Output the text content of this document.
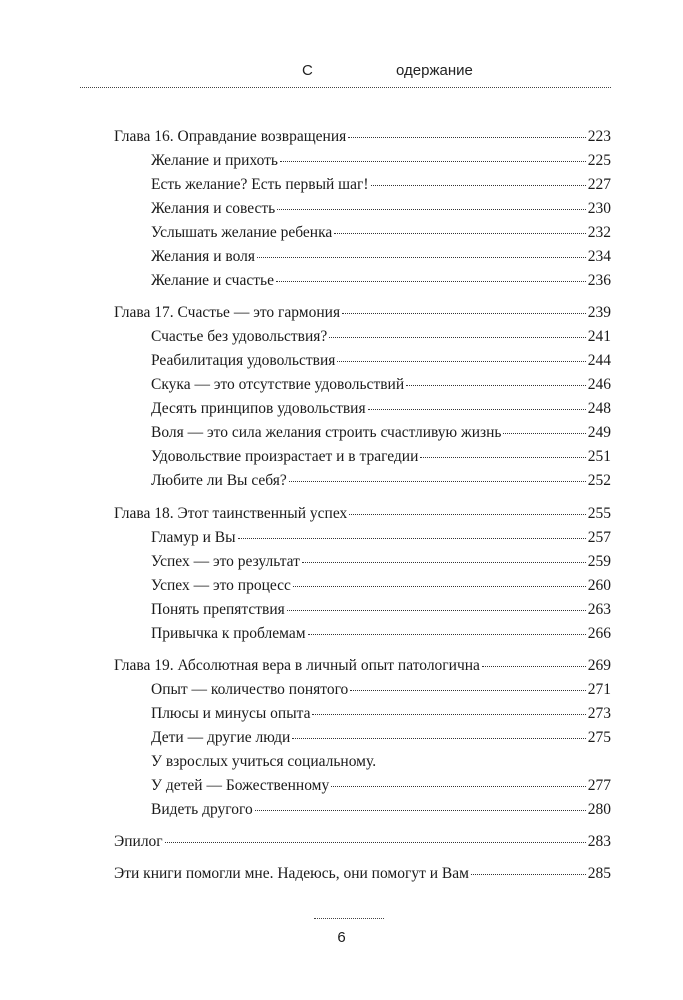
С	одержание
Глава 16. Оправдание возвращения	223
Желание и прихоть	225
Есть желание? Есть первый шаг!	227
Желания и совесть	230
Услышать желание ребенка	232
Желания и воля	234
Желание и счастье	236
Глава 17. Счастье — это гармония	239
Счастье без удовольствия?	241
Реабилитация удовольствия	244
Скука — это отсутствие удовольствий	246
Десять принципов удовольствия	248
Воля — это сила желания строить счастливую жизнь	249
Удовольствие произрастает и в трагедии	251
Любите ли Вы себя?	252
Глава 18. Этот таинственный успех	255
Гламур и Вы	257
Успех — это результат	259
Успех — это процесс	260
Понять препятствия	263
Привычка к проблемам	266
Глава 19. Абсолютная вера в личный опыт патологична	269
Опыт — количество понятого	271
Плюсы и минусы опыта	273
Дети — другие люди	275
У взрослых учиться социальному.
У детей — Божественному	277
Видеть другого	280
Эпилог	283
Эти книги помогли мне. Надеюсь, они помогут и Вам	285
6
